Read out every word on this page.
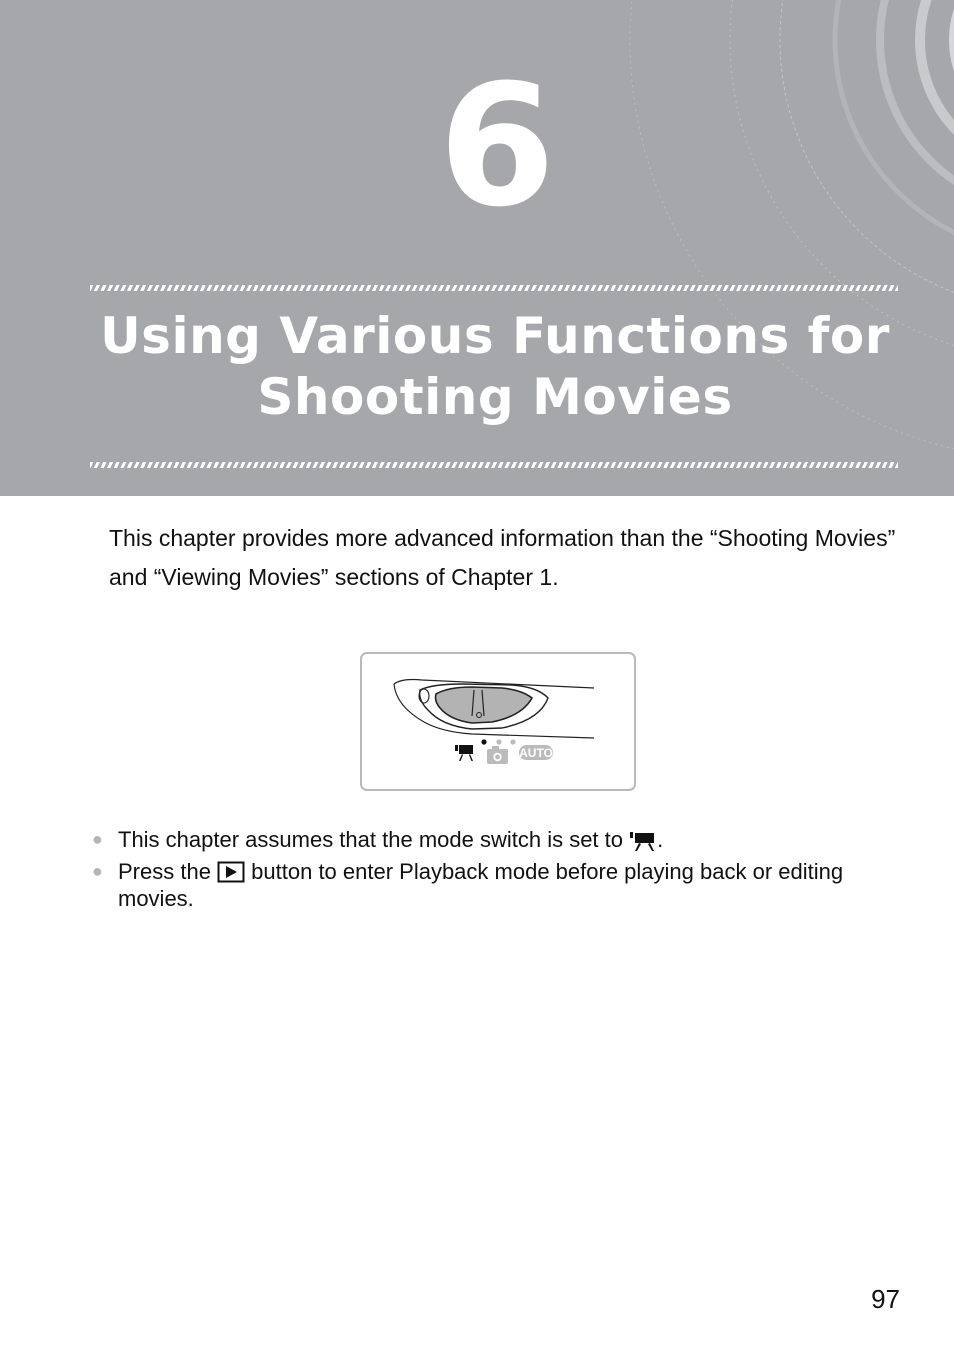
6
Using Various Functions for
Shooting Movies

This chapter provides more advanced information than the “Shooting Movies” and “Viewing Movies” sections of Chapter 1.

AUTO
● This chapter assumes that the mode switch is set to .
● Press the  button to enter Playback mode before playing back or editing movies.
97
